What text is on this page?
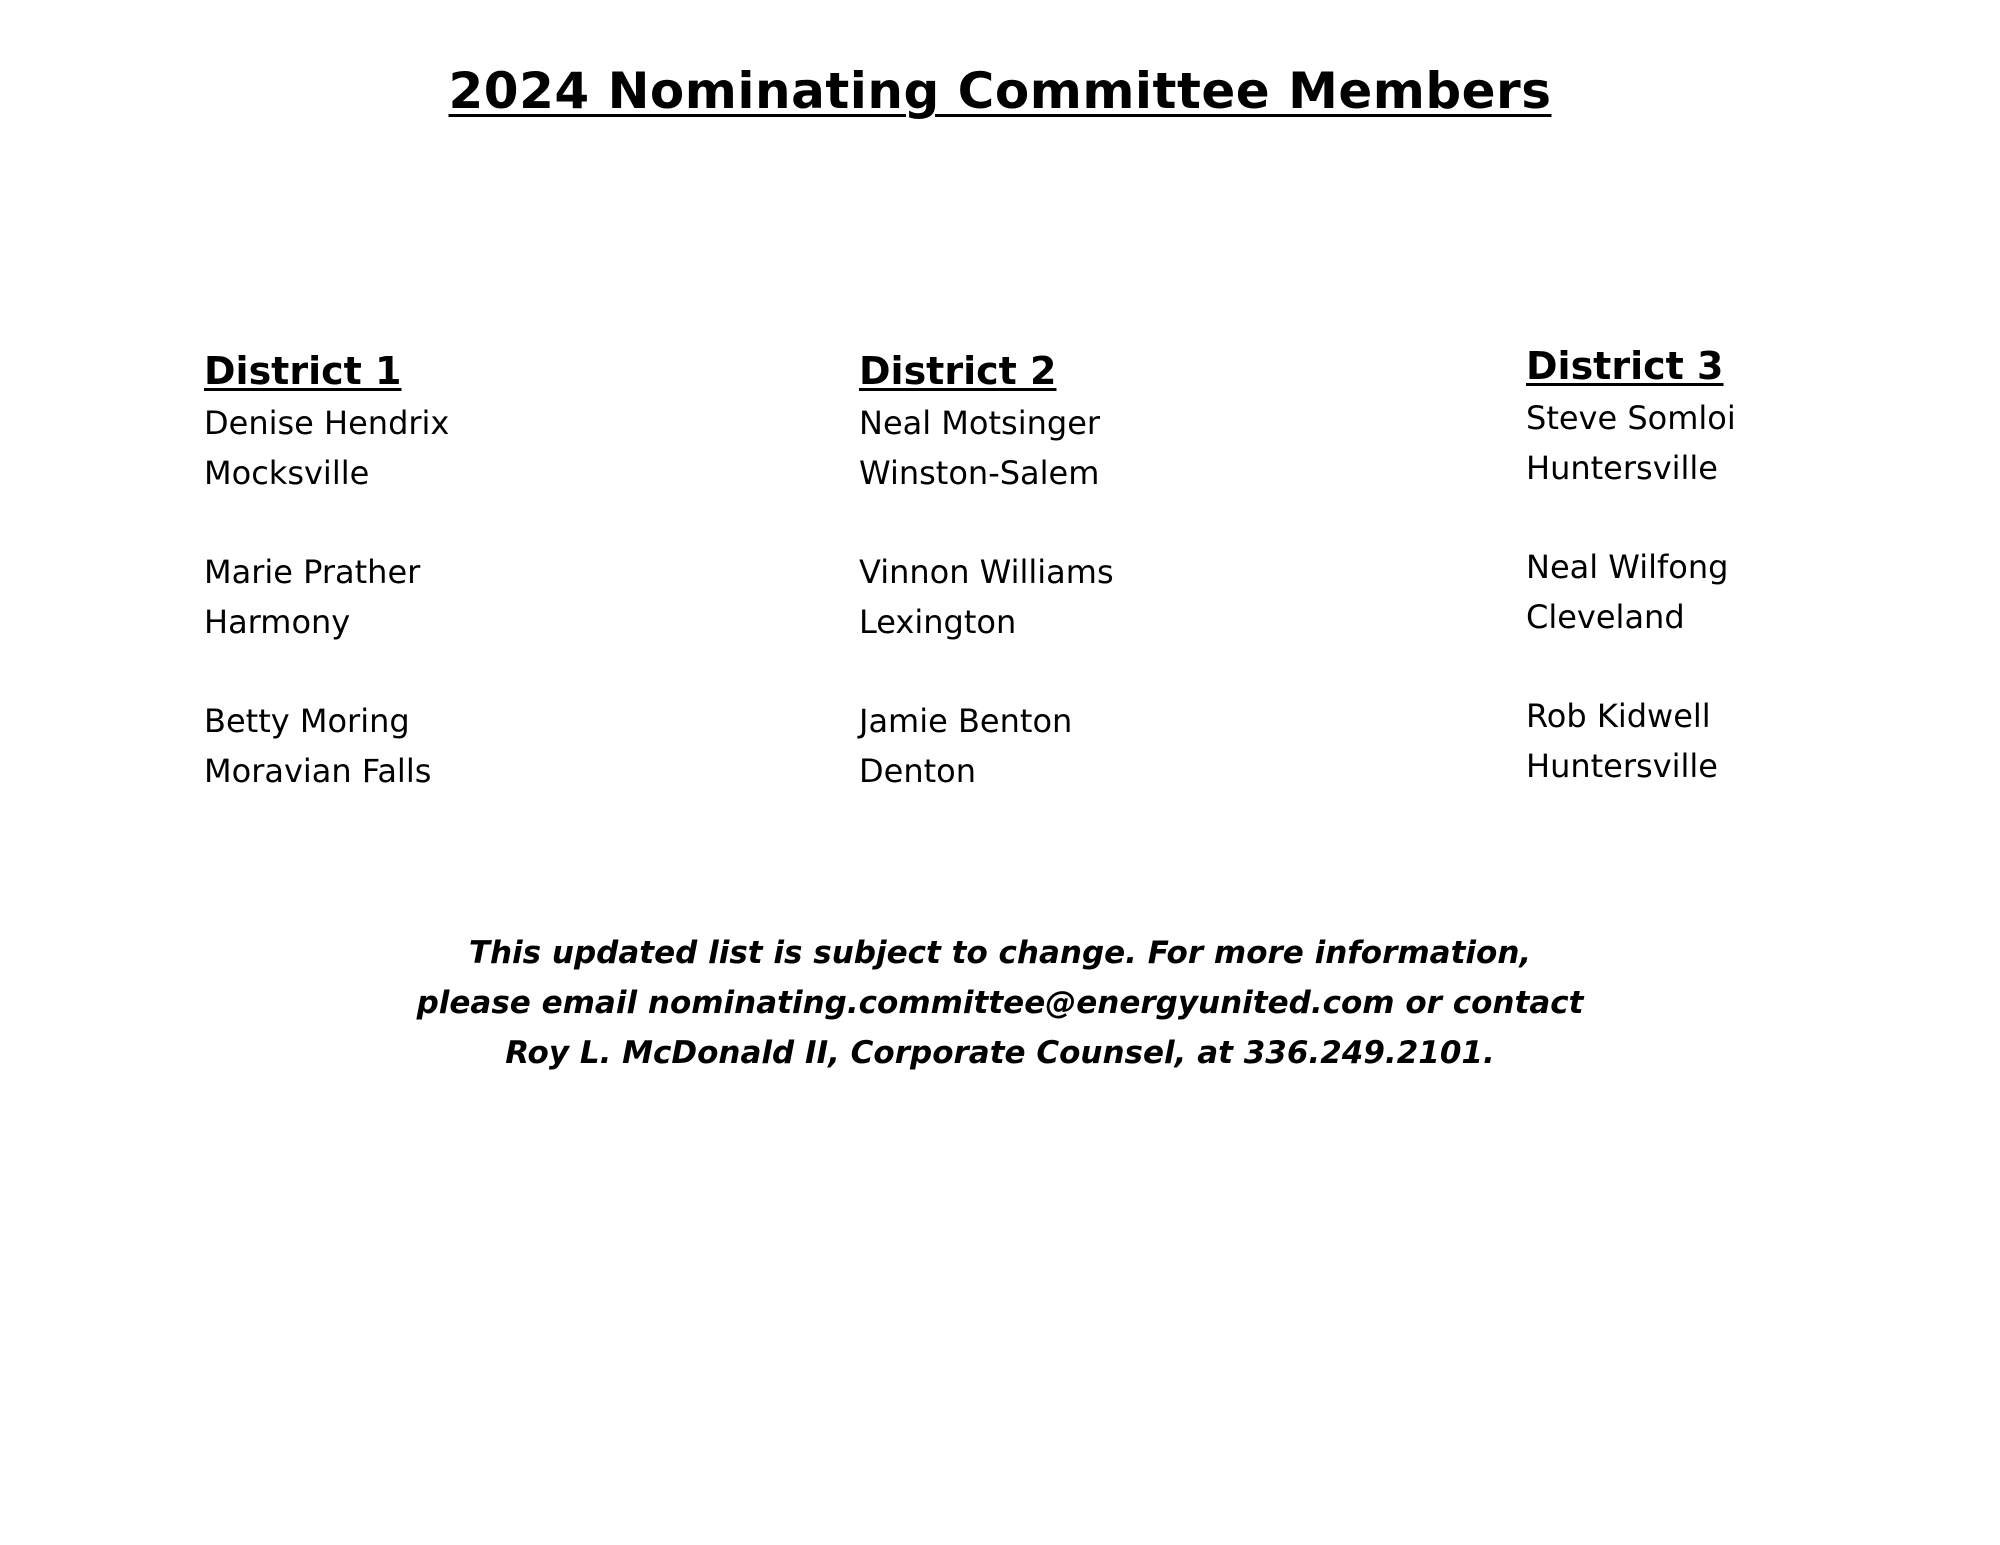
2024 Nominating Committee Members
District 1
Denise Hendrix
Mocksville
Marie Prather
Harmony
Betty Moring
Moravian Falls
District 2
Neal Motsinger
Winston-Salem
Vinnon Williams
Lexington
Jamie Benton
Denton
District 3
Steve Somloi
Huntersville
Neal Wilfong
Cleveland
Rob Kidwell
Huntersville

This updated list is subject to change. For more information,
please email nominating.committee@energyunited.com or contact
Roy L. McDonald II, Corporate Counsel, at 336.249.2101.
